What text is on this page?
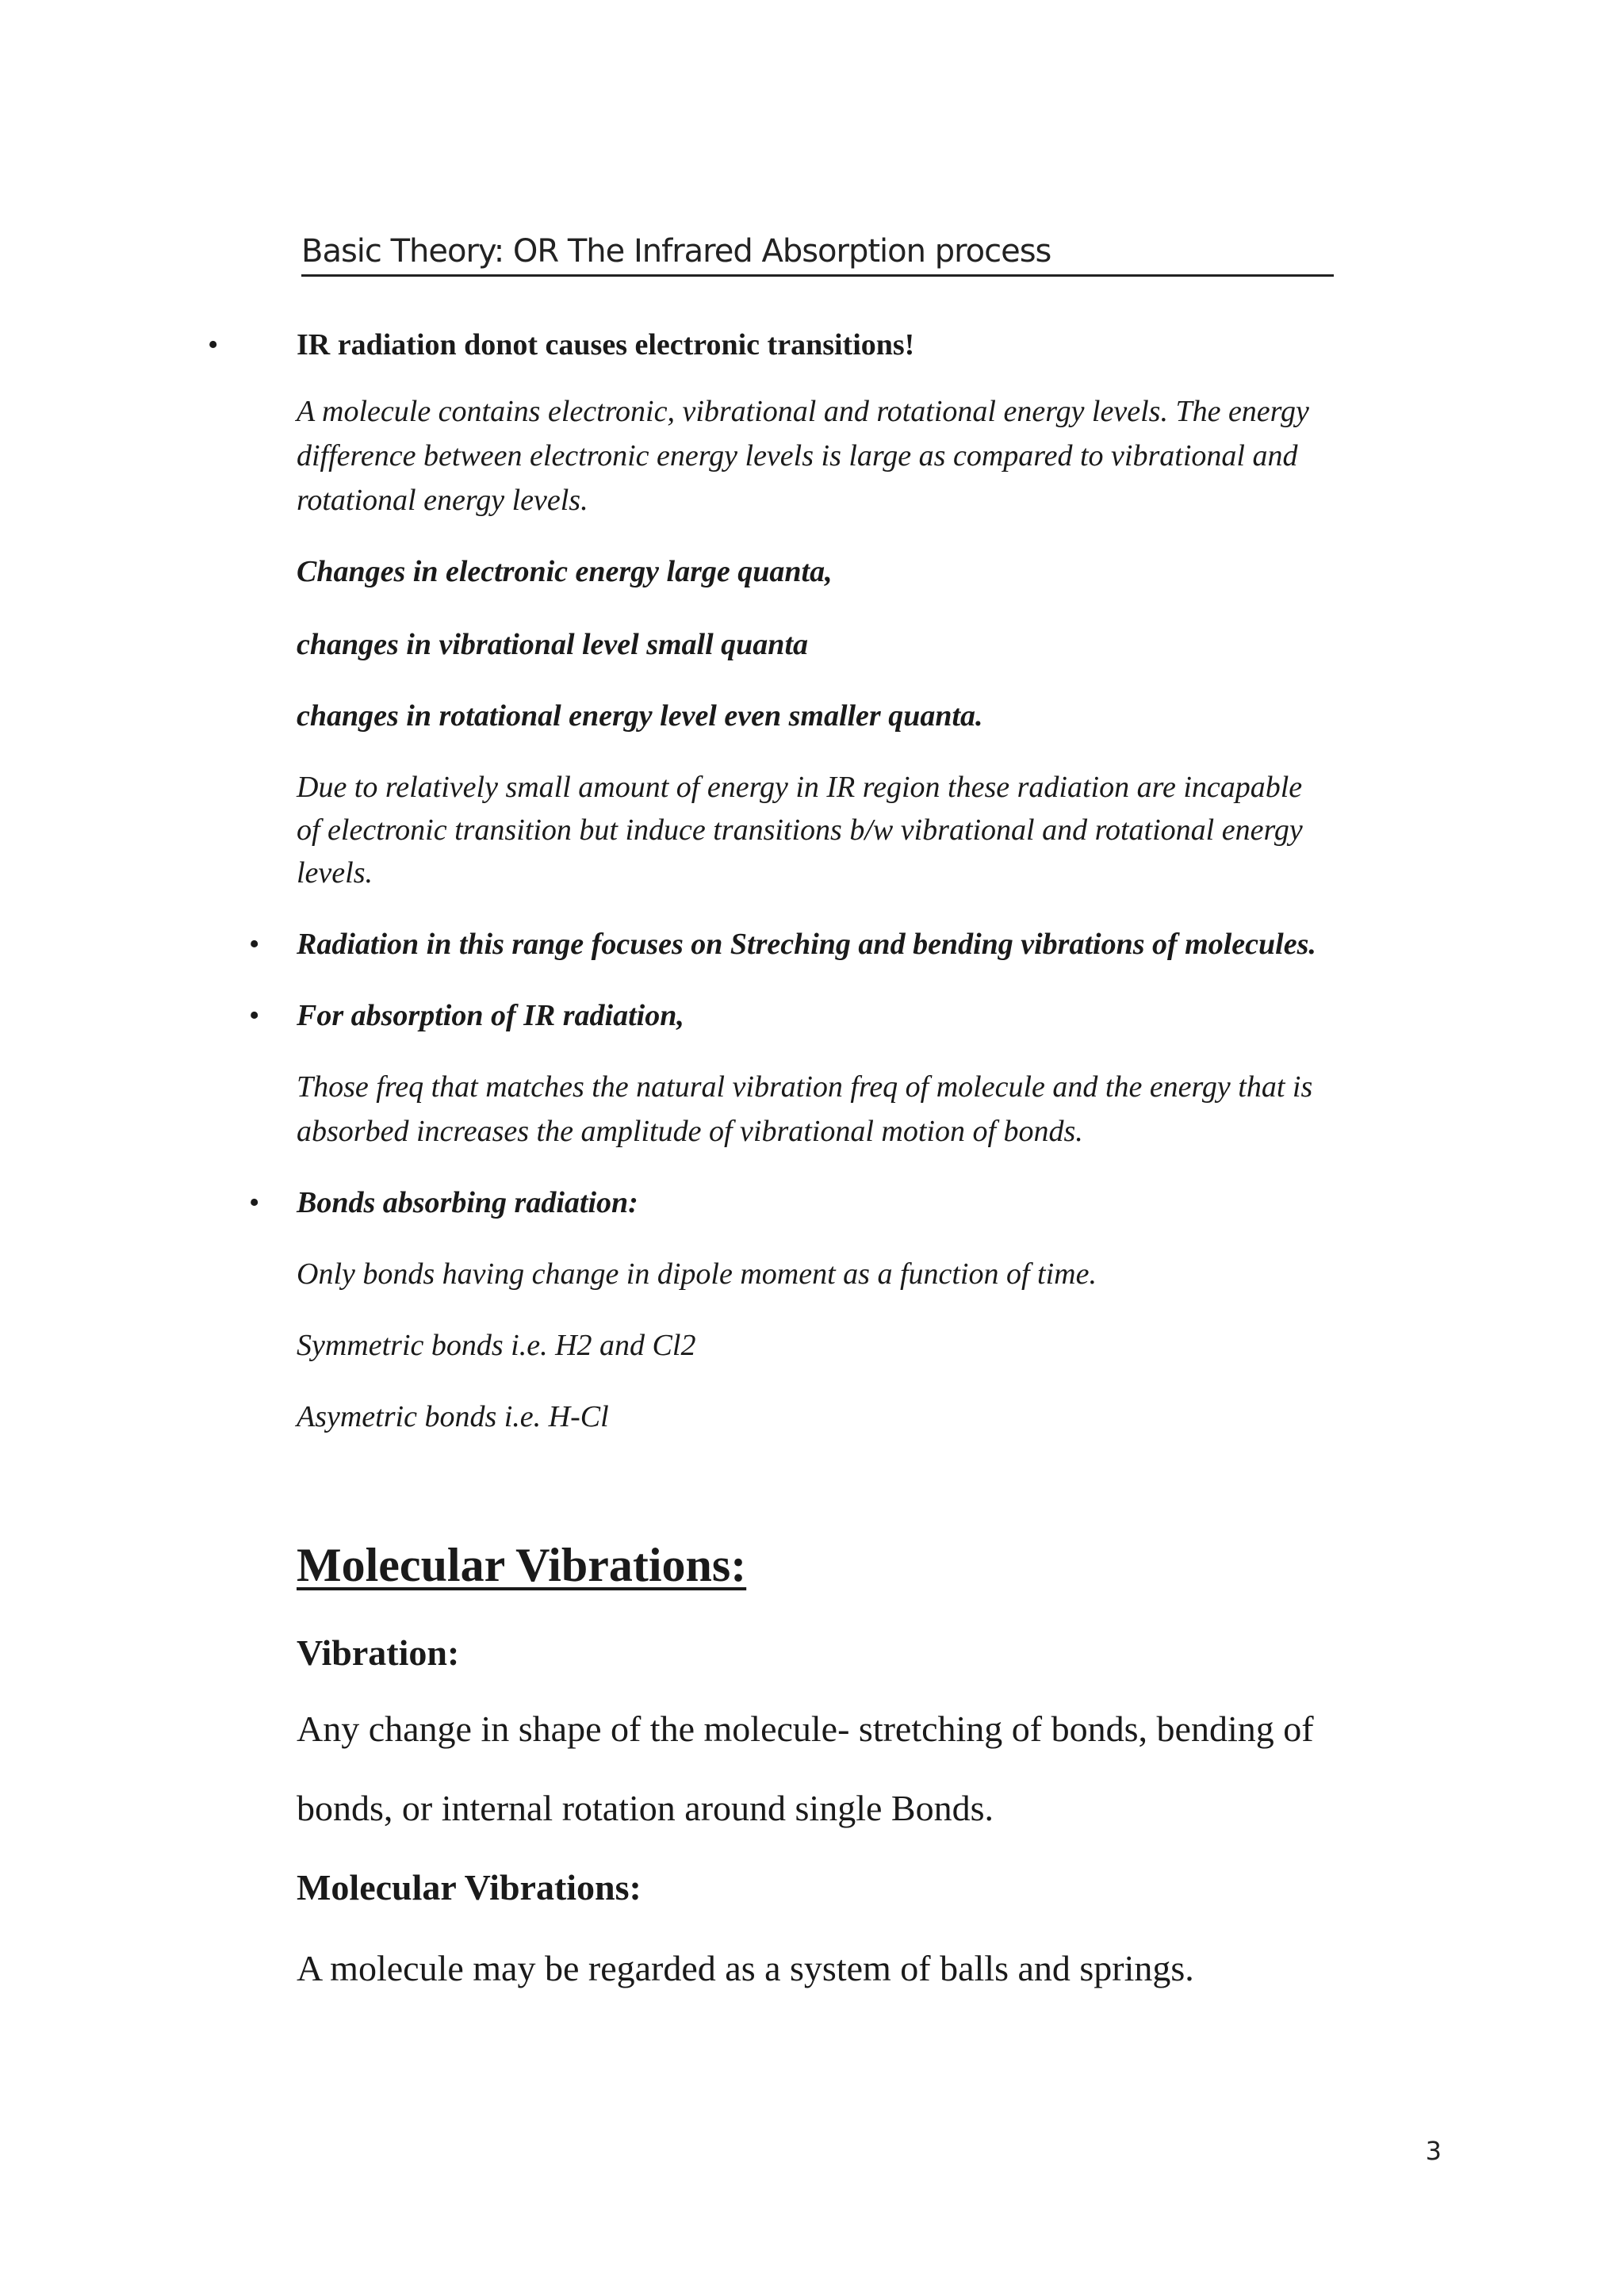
Basic Theory: OR The Infrared Absorption process
•	IR radiation donot causes electronic transitions!
A molecule contains electronic, vibrational and rotational energy levels. The energy
difference between electronic energy levels is large as compared to vibrational and
rotational energy levels.
Changes in electronic energy large quanta,
changes in vibrational level small quanta
changes in rotational energy level even smaller quanta.
Due to relatively small amount of energy in IR region these radiation are incapable
of electronic transition but induce transitions b/w vibrational and rotational energy
levels.
• Radiation in this range focuses on Streching and bending vibrations of molecules.
• For absorption of IR radiation,
Those freq that matches the natural vibration freq of molecule and the energy that is
absorbed increases the amplitude of vibrational motion of bonds.
• Bonds absorbing radiation:
Only bonds having change in dipole moment as a function of time.
Symmetric bonds i.e. H2 and Cl2
Asymetric bonds i.e. H-Cl
Molecular Vibrations:
Vibration:
Any change in shape of the molecule- stretching of bonds, bending of
bonds, or internal rotation around single Bonds.
Molecular Vibrations:
A molecule may be regarded as a system of balls and springs.
3
